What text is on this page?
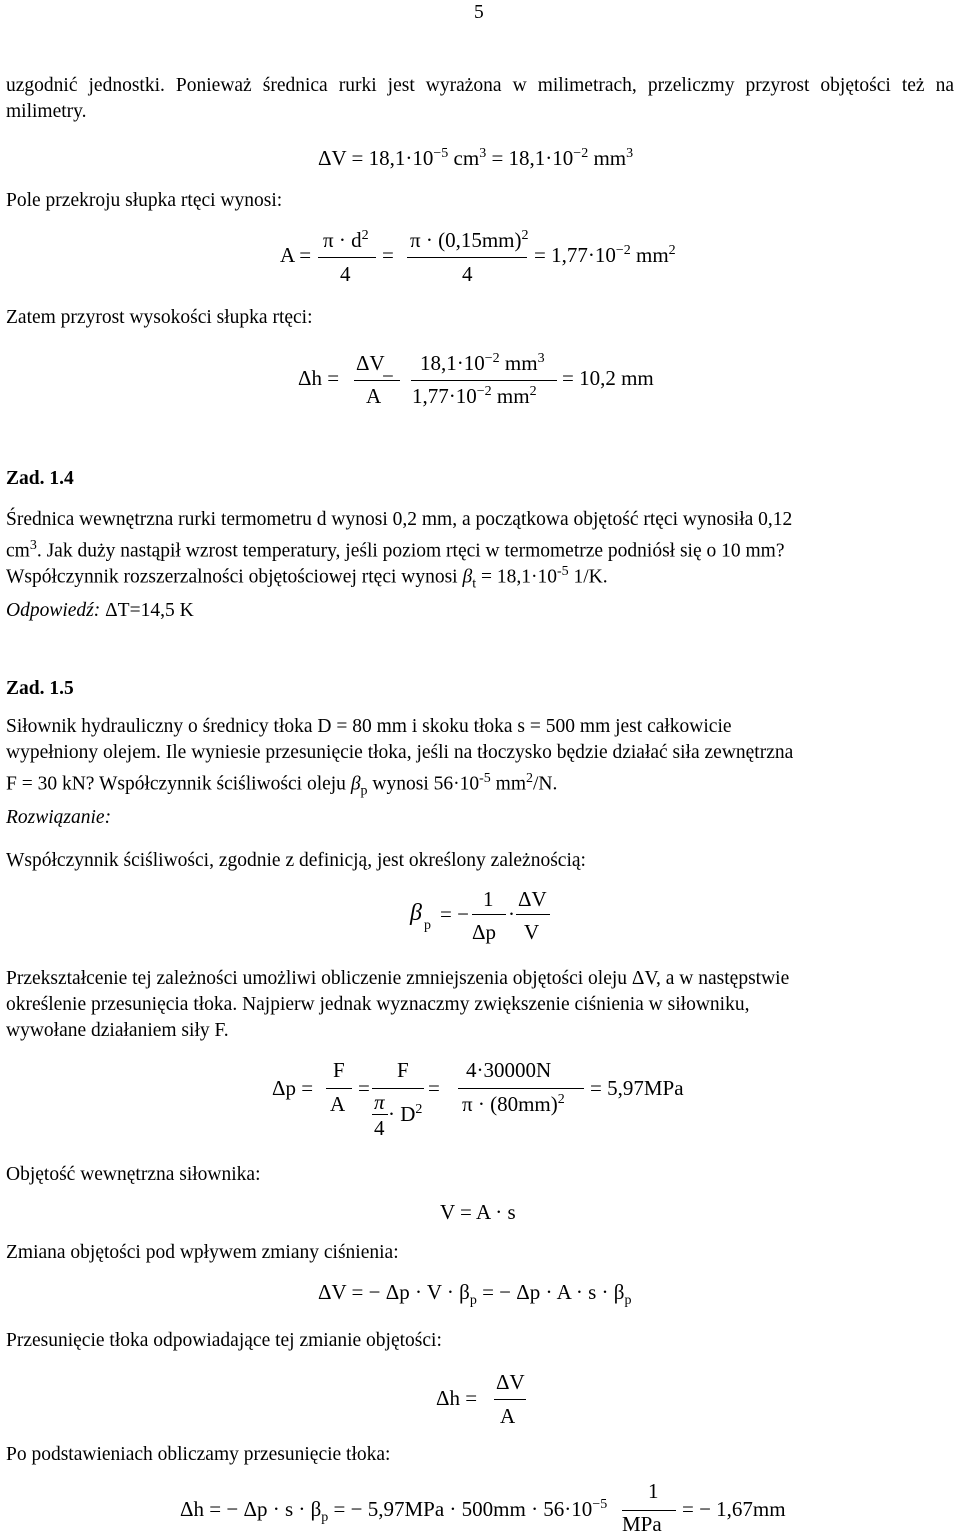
5
uzgodnić jednostki. Ponieważ średnica rurki jest wyrażona w milimetrach, przeliczmy przyrost objętości też na milimetry.
$\Delta V = 18,1\cdot 10^{-5}$ $cm^3 = 18,1\cdot 10^{-2}$ $mm^3$
Pole przekroju słupka rtęci wynosi:
A =
$\pi \cdot d^2$
4
=
$\pi \cdot (0,15mm)^2$
4
= $1,77\cdot 10^{-2}$ $mm^2$
Zatem przyrost wysokości słupka rtęci:
Δh =
ΔV
A
=
$18,1\cdot 10^{-2}$ $mm^3$
$1,77\cdot 10^{-2}$ $mm^2$
= 10,2 mm
Zad. 1.4
Średnica wewnętrzna rurki termometru d wynosi 0,2 mm, a początkowa objętość rtęci wynosiła 0,12
$cm^3$. Jak duży nastąpił wzrost temperatury, jeśli poziom rtęci w termometrze podniósł się o 10 mm?
Współczynnik rozszerzalności objętościowej rtęci wynosi $\beta_t = 18,1\cdot 10^{-5}$ 1/K.
Odpowiedź: ΔT=14,5 K
Zad. 1.5
Siłownik hydrauliczny o średnicy tłoka D = 80 mm i skoku tłoka s = 500 mm jest całkowicie
wypełniony olejem. Ile wyniesie przesunięcie tłoka, jeśli na tłoczysko będzie działać siła zewnętrzna
F = 30 kN? Współczynnik ściśliwości oleju $\beta_p$ wynosi $56\cdot 10^{-5}$ $mm^2/N$.
Rozwiązanie:
Współczynnik ściśliwości, zgodnie z definicją, jest określony zależnością:
β p = −
1
Δp
·
ΔV
V
Przekształcenie tej zależności umożliwi obliczenie zmniejszenia objętości oleju ΔV, a w następstwie
określenie przesunięcia tłoka. Najpierw jednak wyznaczmy zwiększenie ciśnienia w siłowniku,
wywołane działaniem siły F.
Δp =
F
A
=
F
π
4
· $D^2$
=
4·30000N
$\pi \cdot (80mm)^2 = 5,97MPa$
Objętość wewnętrzna siłownika:
V = A · s
Zmiana objętości pod wpływem zmiany ciśnienia:
ΔV = − $\Delta p \cdot V \cdot \beta_p$ = − $\Delta p \cdot A \cdot s \cdot \beta_p$
Przesunięcie tłoka odpowiadające tej zmianie objętości:
Δh =
ΔV
A
Po podstawieniach obliczamy przesunięcie tłoka:
Δh = − $\Delta p \cdot s \cdot \beta_p$ = − $5,97MPa \cdot 500mm \cdot 56\cdot 10^{-5}$
1
MPa
= − 1,67mm
